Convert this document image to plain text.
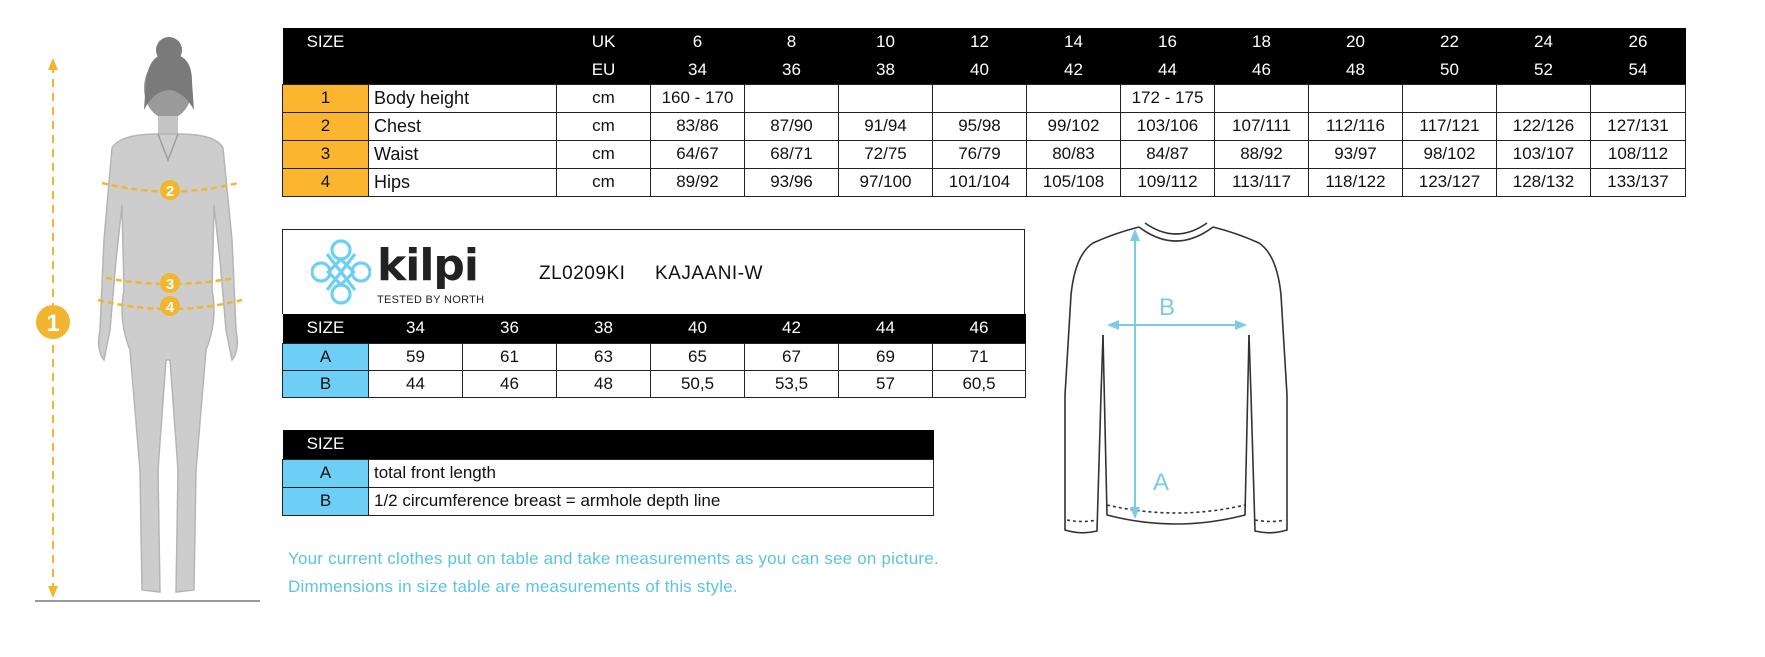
1
2
3
4
SIZE		UK	6	8	10	12	14	16	18	20	22	24	26
		EU	34	36	38	40	42	44	46	48	50	52	54
1	Body height	cm	160 - 170					172 - 175					
2	Chest	cm	83/86	87/90	91/94	95/98	99/102	103/106	107/111	112/116	117/121	122/126	127/131
3	Waist	cm	64/67	68/71	72/75	76/79	80/83	84/87	88/92	93/97	98/102	103/107	108/112
4	Hips	cm	89/92	93/96	97/100	101/104	105/108	109/112	113/117	118/122	123/127	128/132	133/137
kilpi
TESTED BY NORTH
ZL0209KI KAJAANI-W
SIZE	34	36	38	40	42	44	46
A	59	61	63	65	67	69	71
B	44	46	48	50,5	53,5	57	60,5
SIZE	
A	total front length
B	1/2 circumference breast = armhole depth line
Your current clothes put on table and take measurements as you can see on picture.
Dimmensions in size table are measurements of this style.
B
A
